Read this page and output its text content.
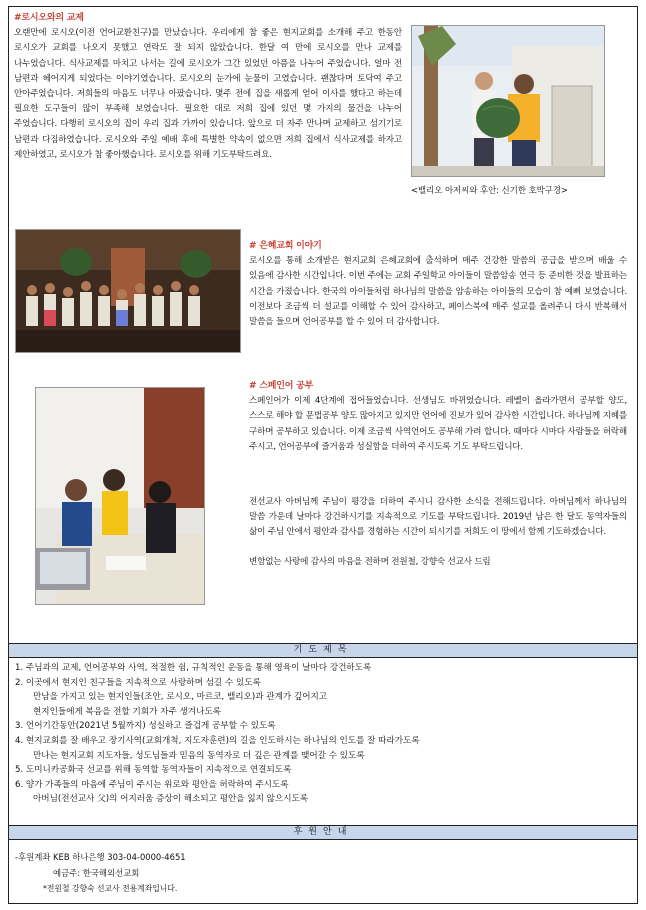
#로시오와의 교제

오랜만에 로시오(이전 언어교환친구)를 만났습니다. 우리에게 참 좋은 현지교회를 소개해 주고 한동안 로시오가 교회를 나오지 못했고 연락도 잘 되지 않았습니다. 한달 여 만에 로시오를 만나 교제를 나누었습니다. 식사교제를 마치고 나서는 길에 로시오가 그간 있었던 아픔을 나누어 주었습니다. 얼마 전 남편과 헤어지게 되었다는 이야기였습니다. 로시오의 눈가에 눈물이 고였습니다. 괜찮다며 토닥여 주고 안아주었습니다. 저희들의 마음도 너무나 아팠습니다. 몇주 전에 집을 새롭게 얻어 이사를 했다고 하는데 필요한 도구들이 많이 부족해 보였습니다. 필요한 대로 저희 집에 있던 몇 가지의 물건을 나누어 주었습니다. 다행히 로시오의 집이 우리 집과 가까이 있습니다. 앞으로 더 자주 만나며 교제하고 섬기기로 남편과 다짐하였습니다. 로시오와 주일 예배 후에 특별한 약속이 없으면 저희 집에서 식사교제를 하자고 제안하였고, 로시오가 참 좋아했습니다. 로시오를 위해 기도부탁드려요.

<밸리오 아저씨와 후안: 신기한 호박구경>

# 은혜교회 이야기

로시오를 통해 소개받은 현지교회 은혜교회에 출석하며 매주 건강한 말씀의 공급을 받으며 배울 수 있음에 감사한 시간입니다. 이번 주에는 교회 주일학교 아이들이 말씀암송 연극 등 준비한 것을 발표하는 시간을 가졌습니다. 한국의 아이들처럼 하나님의 말씀을 암송하는 아이들의 모습이 참 예뻐 보였습니다. 이전보다 조금씩 더 설교를 이해할 수 있어 감사하고, 페이스북에 매주 설교를 올려주니 다시 반복해서 말씀을 들으며 언어공부를 할 수 있어 더 감사합니다.

# 스페인어 공부

스페인어가 이제 4단계에 접어들었습니다. 선생님도 바뀌었습니다. 레벨이 올라가면서 공부할 양도, 스스로 해야 할 문법공부 양도 많아지고 있지만 언어에 진보가 있어 감사한 시간입니다. 하나님께 지혜를 구하며 공부하고 있습니다. 이제 조금씩 사역언어도 공부해 가려 합니다. 때마다 시마다 사람들을 허락해 주시고, 언어공부에 즐거움과 성실함을 더하여 주시도록 기도 부탁드립니다.

전선교사 아버님께 주님이 평강을 더하여 주시니 감사한 소식을 전해드립니다. 아버님께서 하나님의 말씀 가운데 날마다 강건하시기를 지속적으로 기도를 부탁드립니다. 2019년 남은 한 달도 동역자들의 삶이 주님 안에서 평안과 감사를 경험하는 시간이 되시기를 저희도 이 땅에서 함께 기도하겠습니다.

변함없는 사랑에 감사의 마음을 전하며 전원철, 강향숙 선교사 드림

기도제목
1. 주님과의 교제, 언어공부와 사역, 적절한 쉼, 규칙적인 운동을 통해 영육이 날마다 강건하도록
2. 이곳에서 현지인 친구들을 지속적으로 사랑하며 섬길 수 있도록
만남을 가지고 있는 현지인들(조안, 로시오, 마르코, 밸리오)과 관계가 깊어지고
현지인들에게 복음을 전할 기회가 자주 생겨나도록
3. 언어기간동안(2021년 5월까지) 성실하고 즐겁게 공부할 수 있도록
4. 현지교회를 잘 배우고 장기사역(교회개척, 지도자훈련)의 길을 인도하시는 하나님의 인도를 잘 따라가도록
만나는 현지교회 지도자들, 성도님들과 믿음의 동역자로 더 깊은 관계를 맺어갈 수 있도록
5. 도미니카공화국 선교를 위해 동역할 동역자들이 지속적으로 연결되도록
6. 양가 가족들의 마음에 주님이 주시는 위로와 평안을 허락하여 주시도록
아버님(전선교사 父)의 어지러움 증상이 해소되고 평안을 잃지 않으시도록
후원안내
-후원계좌 KEB 하나은행 303-04-0000-4651
예금주: 한국해외선교회
*전원철 강향숙 선교사 전용계좌입니다.
